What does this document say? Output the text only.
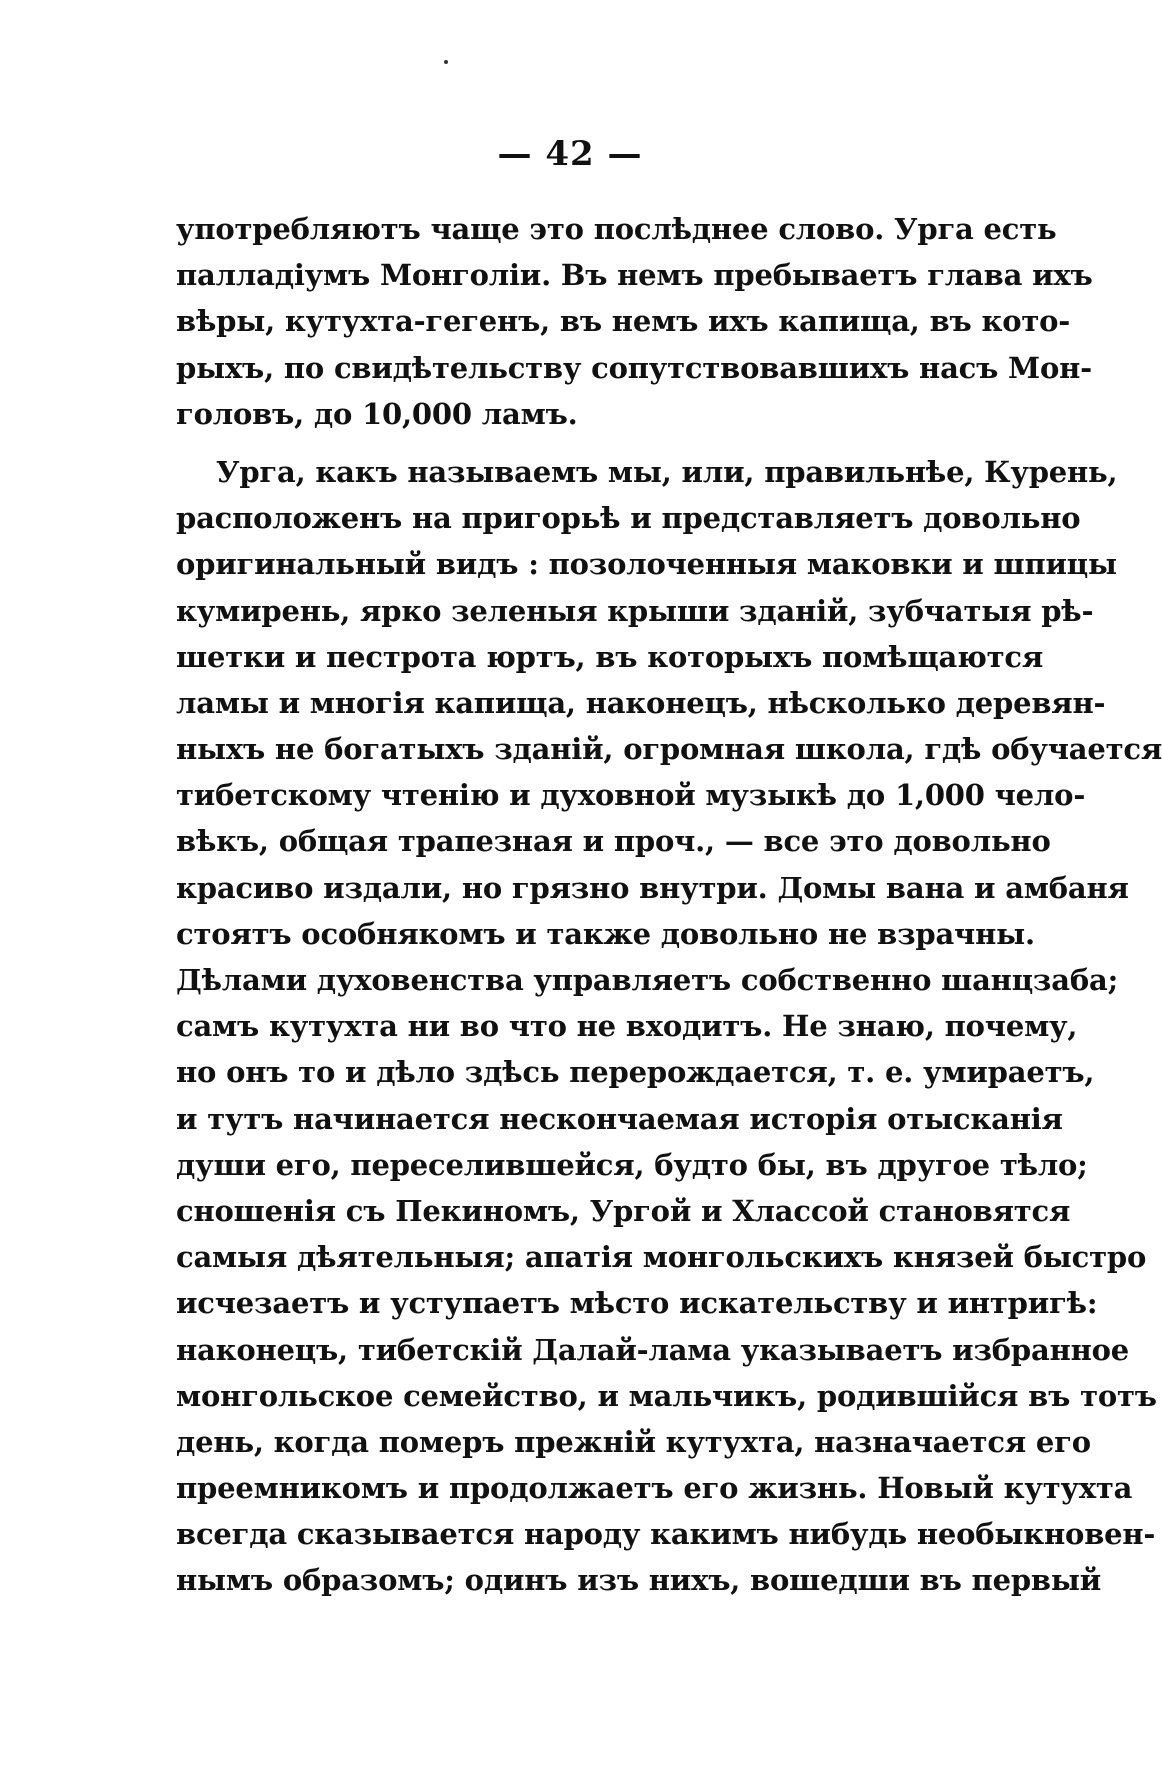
— 42 —
употребляютъ чаще это послѣднее слово. Урга есть
палладіумъ Монголіи. Въ немъ пребываетъ глава ихъ
вѣры, кутухта-гегенъ, въ немъ ихъ капища, въ кото-
рыхъ, по свидѣтельству сопутствовавшихъ насъ Мон-
головъ, до 10,000 ламъ.
Урга, какъ называемъ мы, или, правильнѣе, Курень,
расположенъ на пригорьѣ и представляетъ довольно
оригинальный видъ : позолоченныя маковки и шпицы
кумирень, ярко зеленыя крыши зданій, зубчатыя рѣ-
шетки и пестрота юртъ, въ которыхъ помѣщаются
ламы и многія капища, наконецъ, нѣсколько деревян-
ныхъ не богатыхъ зданій, огромная школа, гдѣ обучается
тибетскому чтенію и духовной музыкѣ до 1,000 чело-
вѣкъ, общая трапезная и проч., — все это довольно
красиво издали, но грязно внутри. Домы вана и амбаня
стоятъ особнякомъ и также довольно не взрачны.
Дѣлами духовенства управляетъ собственно шанцзаба;
самъ кутухта ни во что не входитъ. Не знаю, почему,
но онъ то и дѣло здѣсь перерождается, т. е. умираетъ,
и тутъ начинается нескончаемая исторія отысканія
души его, переселившейся, будто бы, въ другое тѣло;
сношенія съ Пекиномъ, Ургой и Хлассой становятся
самыя дѣятельныя; апатія монгольскихъ князей быстро
исчезаетъ и уступаетъ мѣсто искательству и интригѣ:
наконецъ, тибетскій Далай-лама указываетъ избранное
монгольское семейство, и мальчикъ, родившійся въ тотъ
день, когда померъ прежній кутухта, назначается его
преемникомъ и продолжаетъ его жизнь. Новый кутухта
всегда сказывается народу какимъ нибудь необыкновен-
нымъ образомъ; одинъ изъ нихъ, вошедши въ первый
